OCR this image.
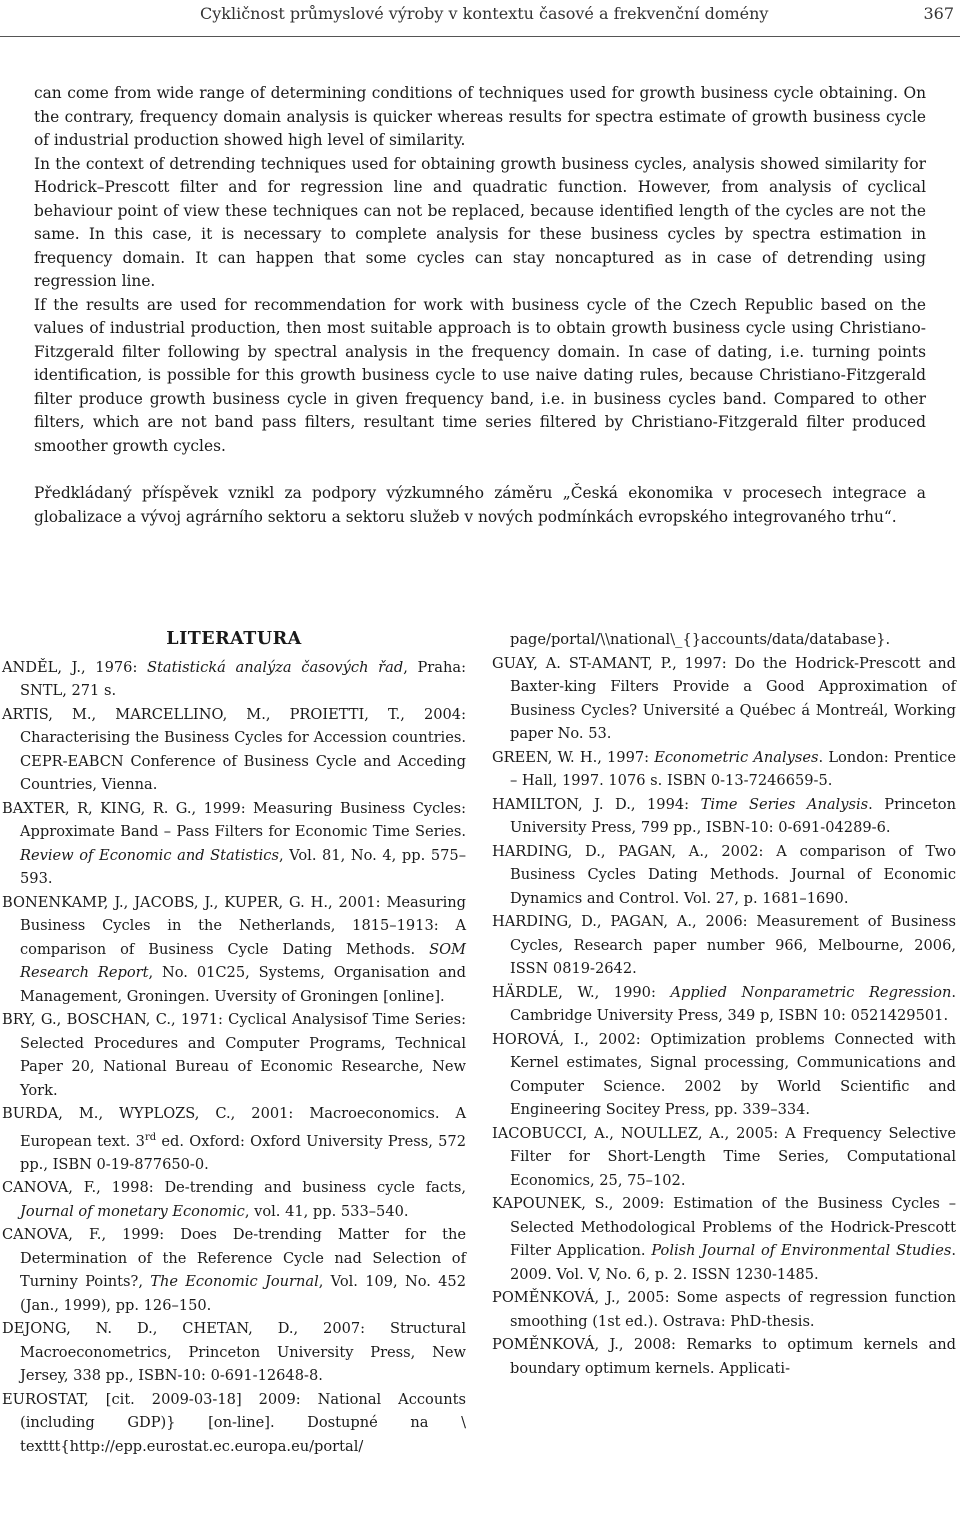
Cykličnost průmyslové výroby v kontextu časové a frekvenční domény	367

can come from wide range of determining conditions of techniques used for growth business cycle obtaining. On the contrary, frequency domain analysis is quicker whereas results for spectra estimate of growth business cycle of industrial production showed high level of similarity.

In the context of detrending techniques used for obtaining growth business cycles, analysis showed similarity for Hodrick–Prescott filter and for regression line and quadratic function. However, from analysis of cyclical behaviour point of view these techniques can not be replaced, because identified length of the cycles are not the same. In this case, it is necessary to complete analysis for these business cycles by spectra estimation in frequency domain. It can happen that some cycles can stay noncaptured as in case of detrending using regression line.

If the results are used for recommendation for work with business cycle of the Czech Republic based on the values of industrial production, then most suitable approach is to obtain growth business cycle using Christiano-Fitzgerald filter following by spectral analysis in the frequency domain. In case of dating, i.e. turning points identification, is possible for this growth business cycle to use naive dating rules, because Christiano-Fitzgerald filter produce growth business cycle in given frequency band, i.e. in business cycles band. Compared to other filters, which are not band pass filters, resultant time series filtered by Christiano-Fitzgerald filter produced smoother growth cycles.

Předkládaný příspěvek vznikl za podpory výzkumného záměru „Česká ekonomika v procesech integrace a globalizace a vývoj agrárního sektoru a sektoru služeb v nových podmínkách evropského integrovaného trhu“.
LITERATURA

ANDĚL, J., 1976: Statistická analýza časových řad, Praha: SNTL, 271 s.

ARTIS, M., MARCELLINO, M., PROIETTI, T., 2004: Characterising the Business Cycles for Accession countries. CEPR-EABCN Conference of Business Cycle and Acceding Countries, Vienna.

BAXTER, R, KING, R. G., 1999: Measuring Business Cycles: Approximate Band – Pass Filters for Economic Time Series. Review of Economic and Statistics, Vol. 81, No. 4, pp. 575–593.

BONENKAMP, J., JACOBS, J., KUPER, G. H., 2001: Measuring Business Cycles in the Netherlands, 1815–1913: A comparison of Business Cycle Dating Methods. SOM Research Report, No. 01C25, Systems, Organisation and Management, Groningen. Uversity of Groningen [online].

BRY, G., BOSCHAN, C., 1971: Cyclical Analysisof Time Series: Selected Procedures and Computer Programs, Technical Paper 20, National Bureau of Economic Researche, New York.

BURDA, M., WYPLOZS, C., 2001: Macroeconomics. A European text. 3rd ed. Oxford: Oxford University Press, 572 pp., ISBN 0-19-877650-0.

CANOVA, F., 1998: De-trending and business cycle facts, Journal of monetary Economic, vol. 41, pp. 533–540.

CANOVA, F., 1999: Does De-trending Matter for the Determination of the Reference Cycle nad Selection of Turniny Points?, The Economic Journal, Vol. 109, No. 452 (Jan., 1999), pp. 126–150.

DEJONG, N. D., CHETAN, D., 2007: Structural Macroeconometrics, Princeton University Press, New Jersey, 338 pp., ISBN-10: 0-691-12648-8.

EUROSTAT, [cit. 2009-03-18] 2009: National Accounts (including GDP)} [on-line]. Dostupné na \ texttt{http://epp.eurostat.ec.europa.eu/portal/

page/portal/\\national\_{}accounts/data/database}.

GUAY, A. ST-AMANT, P., 1997: Do the Hodrick-Prescott and Baxter-king Filters Provide a Good Approximation of Business Cycles? Université a Québec á Montreál, Working paper No. 53.

GREEN, W. H., 1997: Econometric Analyses. London: Prentice – Hall, 1997. 1076 s. ISBN 0-13-7246659-5.

HAMILTON, J. D., 1994: Time Series Analysis. Princeton University Press, 799 pp., ISBN-10: 0-691-04289-6.

HARDING, D., PAGAN, A., 2002: A comparison of Two Business Cycles Dating Methods. Journal of Economic Dynamics and Control. Vol. 27, p. 1681–1690.

HARDING, D., PAGAN, A., 2006: Measurement of Business Cycles, Research paper number 966, Melbourne, 2006, ISSN 0819-2642.

HÄRDLE, W., 1990: Applied Nonparametric Regression. Cambridge University Press, 349 p, ISBN 10: 0521429501.

HOROVÁ, I., 2002: Optimization problems Connected with Kernel estimates, Signal processing, Communications and Computer Science. 2002 by World Scientific and Engineering Socitey Press, pp. 339–334.

IACOBUCCI, A., NOULLEZ, A., 2005: A Frequency Selective Filter for Short-Length Time Series, Computational Economics, 25, 75–102.

KAPOUNEK, S., 2009: Estimation of the Business Cycles – Selected Methodological Problems of the Hodrick-Prescott Filter Application. Polish Journal of Environmental Studies. 2009. Vol. V, No. 6, p. 2. ISSN 1230-1485.

POMĚNKOVÁ, J., 2005: Some aspects of regression function smoothing (1st ed.). Ostrava: PhD-thesis.

POMĚNKOVÁ, J., 2008: Remarks to optimum kernels and boundary optimum kernels. Applicati-
